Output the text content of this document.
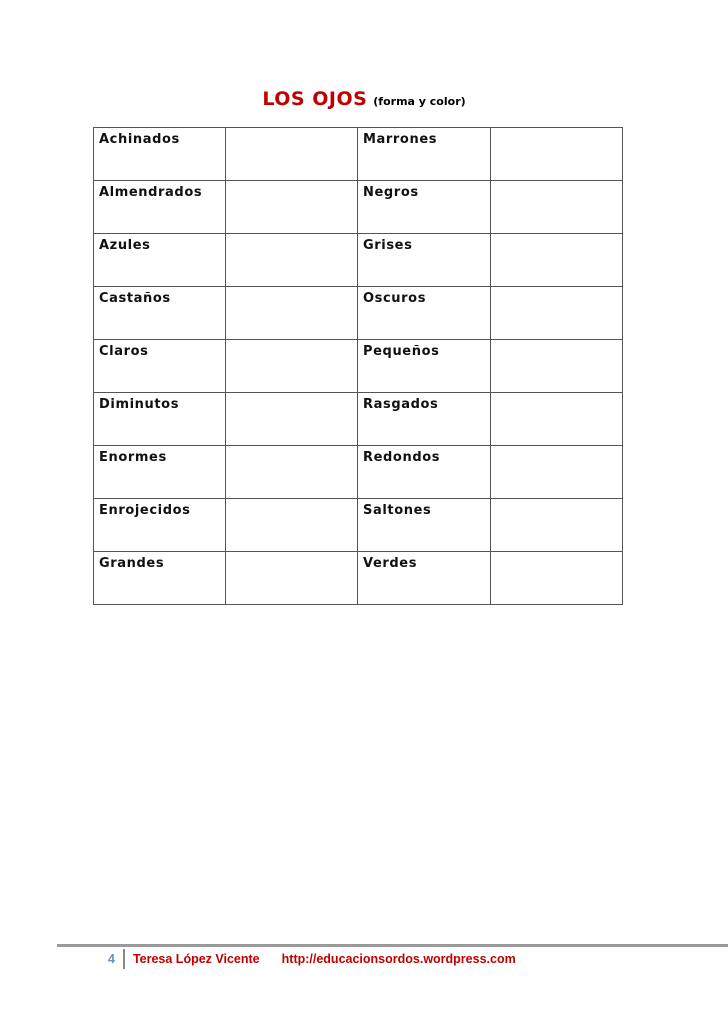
LOS OJOS (forma y color)
Achinados		Marrones	
Almendrados		Negros	
Azules		Grises	
Castaños		Oscuros	
Claros		Pequeños	
Diminutos		Rasgados	
Enormes		Redondos	
Enrojecidos		Saltones	
Grandes		Verdes	
4 Teresa López Vicente http://educacionsordos.wordpress.com
